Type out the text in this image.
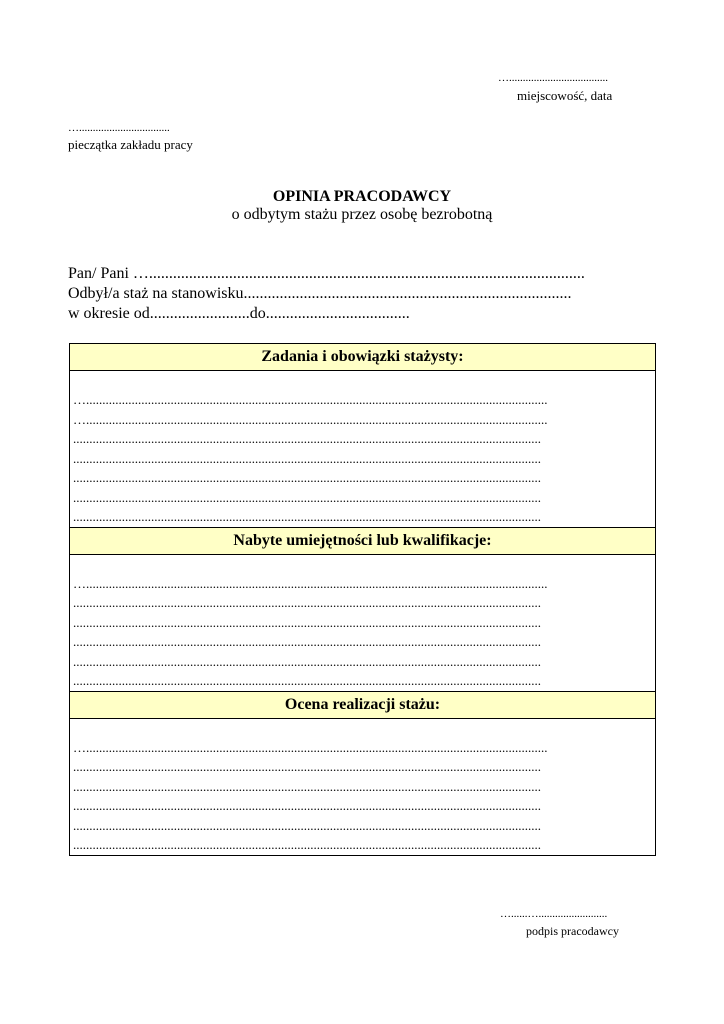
…....................................
miejscowość, data
….................................
pieczątka zakładu pracy
OPINIA PRACODAWCY
o odbytym stażu przez osobę bezrobotną
Pan/ Pani ….............................................................................................................
Odbył/a staż na stanowisku..................................................................................
w okresie od.........................do....................................
Zadania i obowiązki stażysty:

…..............................................................................................................................................
…..............................................................................................................................................
................................................................................................................................................
................................................................................................................................................
................................................................................................................................................
................................................................................................................................................
................................................................................................................................................

Nabyte umiejętności lub kwalifikacje:

…..............................................................................................................................................
................................................................................................................................................
................................................................................................................................................
................................................................................................................................................
................................................................................................................................................
................................................................................................................................................

Ocena realizacji stażu:

…..............................................................................................................................................
................................................................................................................................................
................................................................................................................................................
................................................................................................................................................
................................................................................................................................................
................................................................................................................................................
…......….........................
podpis pracodawcy
